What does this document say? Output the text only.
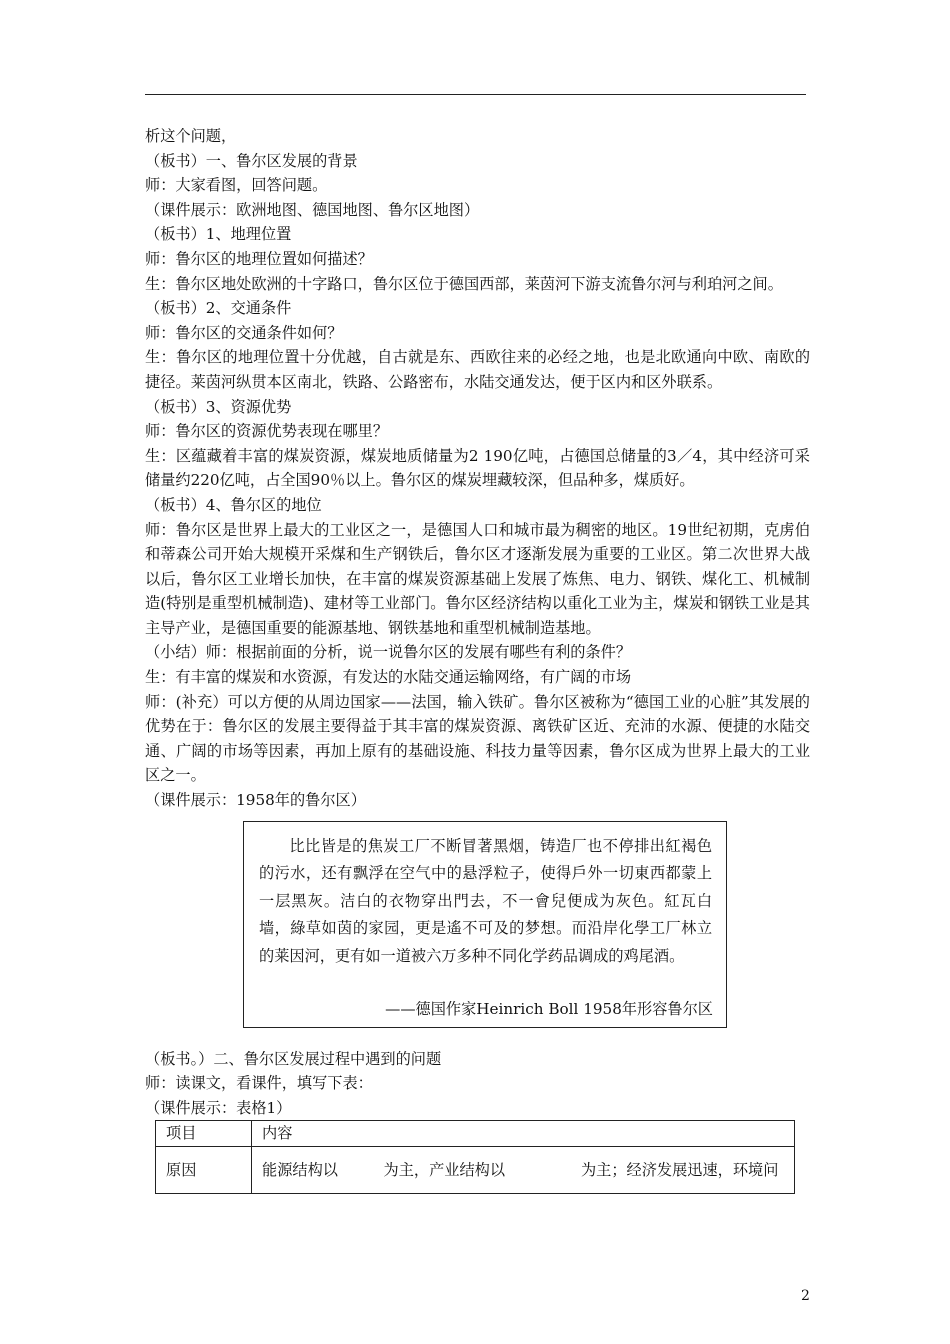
析这个问题，

（板书）一、鲁尔区发展的背景

师：大家看图，回答问题。

（课件展示：欧洲地图、德国地图、鲁尔区地图）

（板书）1、地理位置

师：鲁尔区的地理位置如何描述？

生：鲁尔区地处欧洲的十字路口，鲁尔区位于德国西部，莱茵河下游支流鲁尔河与利珀河之间。

（板书）2、交通条件

师：鲁尔区的交通条件如何？

生：鲁尔区的地理位置十分优越，自古就是东、西欧往来的必经之地，也是北欧通向中欧、南欧的捷径。莱茵河纵贯本区南北，铁路、公路密布，水陆交通发达，便于区内和区外联系。

（板书）3、资源优势

师：鲁尔区的资源优势表现在哪里？

生：区蕴藏着丰富的煤炭资源，煤炭地质储量为2 190亿吨，占德国总储量的3／4，其中经济可采储量约220亿吨，占全国90％以上。鲁尔区的煤炭埋藏较深，但品种多，煤质好。

（板书）4、鲁尔区的地位

师：鲁尔区是世界上最大的工业区之一，是德国人口和城市最为稠密的地区。19世纪初期，克虏伯和蒂森公司开始大规模开采煤和生产钢铁后，鲁尔区才逐渐发展为重要的工业区。第二次世界大战以后，鲁尔区工业增长加快，在丰富的煤炭资源基础上发展了炼焦、电力、钢铁、煤化工、机械制造(特别是重型机械制造)、建材等工业部门。鲁尔区经济结构以重化工业为主，煤炭和钢铁工业是其主导产业，是德国重要的能源基地、钢铁基地和重型机械制造基地。

（小结）师：根据前面的分析，说一说鲁尔区的发展有哪些有利的条件？

生：有丰富的煤炭和水资源，有发达的水陆交通运输网络，有广阔的市场

师：(补充）可以方便的从周边国家——法国，输入铁矿。鲁尔区被称为“德国工业的心脏”其发展的优势在于：鲁尔区的发展主要得益于其丰富的煤炭资源、离铁矿区近、充沛的水源、便捷的水陆交通、广阔的市场等因素，再加上原有的基础设施、科技力量等因素，鲁尔区成为世界上最大的工业区之一。

（课件展示：1958年的鲁尔区）

比比皆是的焦炭工厂不断冒著黑烟，铸造厂也不停排出紅褐色的污水，还有飘浮在空气中的悬浮粒子，使得戶外一切東西都蒙上一层黑灰。洁白的衣物穿出門去，不一會兒便成为灰色。紅瓦白墙，綠草如茵的家园，更是遙不可及的梦想。而沿岸化學工厂林立的莱因河，更有如一道被六万多种不同化学药品调成的鸡尾酒。
——德国作家Heinrich Boll 1958年形容鲁尔区

（板书。）二、鲁尔区发展过程中遇到的问题

师：读课文，看课件，填写下表：

（课件展示：表格1）

项目	内容
原因	能源结构以　　　为主，产业结构以　　　　　为主；经济发展迅速，环境问
2
